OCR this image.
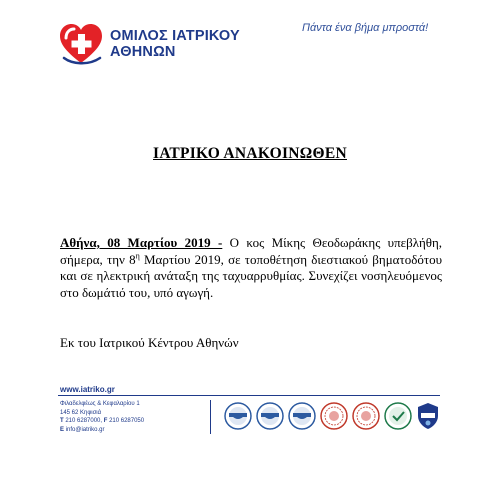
ΟΜΙΛΟΣ ΙΑΤΡΙΚΟΥ
ΑΘΗΝΩΝ
Πάντα ένα βήμα μπροστά!
ΙΑΤΡΙΚΟ ΑΝΑΚΟΙΝΩΘΕΝ
Αθήνα, 08 Μαρτίου 2019 - Ο κος Μίκης Θεοδωράκης υπεβλήθη, σήμερα, την $8^\eta$ Μαρτίου 2019, σε τοποθέτηση διεστιακού βηματοδότου και σε ηλεκτρική ανάταξη της ταχυαρρυθμίας. Συνεχίζει νοσηλευόμενος στο δωμάτιό του, υπό αγωγή.
Εκ του Ιατρικού Κέντρου Αθηνών
www.iatriko.gr
Φιλαδελφέως & Κεφαλαρίου 1
145 62 Κηφισιά
T 210 6287000, F 210 6287050
E info@iatriko.gr
